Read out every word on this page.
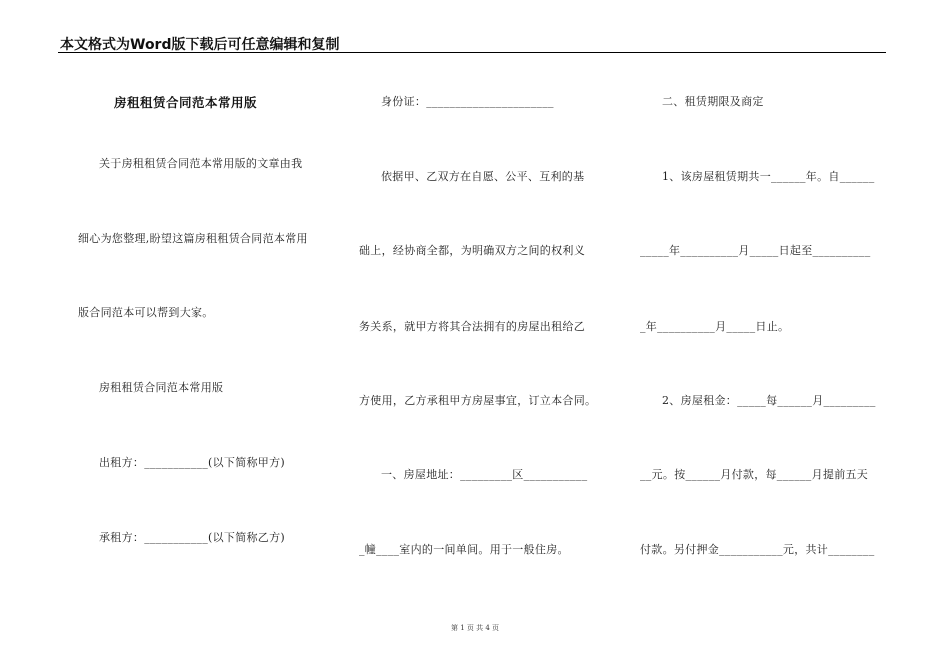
本文格式为Word版下载后可任意编辑和复制
房租租赁合同范本常用版
关于房租租赁合同范本常用版的文章由我
细心为您整理,盼望这篇房租租赁合同范本常用
版合同范本可以帮到大家。
房租租赁合同范本常用版
出租方：___________(以下简称甲方)
承租方：___________(以下简称乙方)
身份证：______________________
依据甲、乙双方在自愿、公平、互利的基
础上，经协商全都，为明确双方之间的权利义
务关系，就甲方将其合法拥有的房屋出租给乙
方使用，乙方承租甲方房屋事宜，订立本合同。
一、房屋地址：_________区___________
_幢____室内的一间单间。用于一般住房。
二、租赁期限及商定
1、该房屋租赁期共一______年。自______
_____年__________月_____日起至__________
_年__________月_____日止。
2、房屋租金：_____每______月_________
__元。按______月付款，每______月提前五天
付款。另付押金___________元，共计________
第 1 页 共 4 页
